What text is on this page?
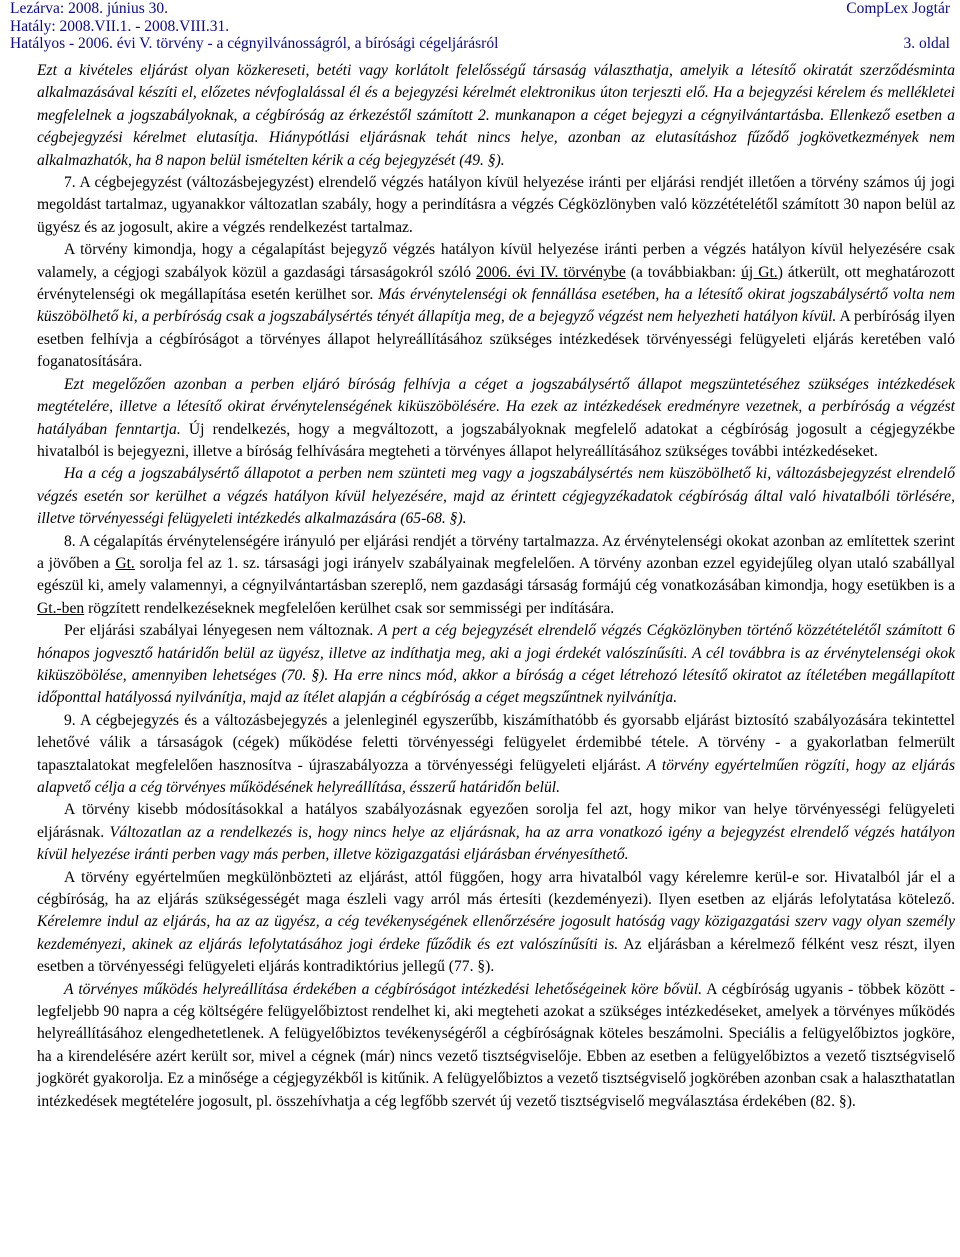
Lezárva: 2008. június 30.	CompLex Jogtár
Hatály: 2008.VII.1. - 2008.VIII.31.
Hatályos - 2006. évi V. törvény - a cégnyilvánosságról, a bírósági cégeljárásról	3. oldal

Ezt a kivételes eljárást olyan közkereseti, betéti vagy korlátolt felelősségű társaság választhatja, amelyik a létesítő okiratát szerződésminta alkalmazásával készíti el, előzetes névfoglalással él és a bejegyzési kérelmét elektronikus úton terjeszti elő. Ha a bejegyzési kérelem és mellékletei megfelelnek a jogszabályoknak, a cégbíróság az érkezéstől számított 2. munkanapon a céget bejegyzi a cégnyilvántartásba. Ellenkező esetben a cégbejegyzési kérelmet elutasítja. Hiánypótlási eljárásnak tehát nincs helye, azonban az elutasításhoz fűződő jogkövetkezmények nem alkalmazhatók, ha 8 napon belül ismételten kérik a cég bejegyzését (49. §).

7. A cégbejegyzést (változásbejegyzést) elrendelő végzés hatályon kívül helyezése iránti per eljárási rendjét illetően a törvény számos új jogi megoldást tartalmaz, ugyanakkor változatlan szabály, hogy a perindításra a végzés Cégközlönyben való közzétételétől számított 30 napon belül az ügyész és az jogosult, akire a végzés rendelkezést tartalmaz.

A törvény kimondja, hogy a cégalapítást bejegyző végzés hatályon kívül helyezése iránti perben a végzés hatályon kívül helyezésére csak valamely, a cégjogi szabályok közül a gazdasági társaságokról szóló 2006. évi IV. törvénybe (a továbbiakban: új Gt.) átkerült, ott meghatározott érvénytelenségi ok megállapítása esetén kerülhet sor. Más érvénytelenségi ok fennállása esetében, ha a létesítő okirat jogszabálysértő volta nem küszöbölhető ki, a perbíróság csak a jogszabálysértés tényét állapítja meg, de a bejegyző végzést nem helyezheti hatályon kívül. A perbíróság ilyen esetben felhívja a cégbíróságot a törvényes állapot helyreállításához szükséges intézkedések törvényességi felügyeleti eljárás keretében való foganatosítására.

Ezt megelőzően azonban a perben eljáró bíróság felhívja a céget a jogszabálysértő állapot megszüntetéséhez szükséges intézkedések megtételére, illetve a létesítő okirat érvénytelenségének kiküszöbölésére. Ha ezek az intézkedések eredményre vezetnek, a perbíróság a végzést hatályában fenntartja. Új rendelkezés, hogy a megváltozott, a jogszabályoknak megfelelő adatokat a cégbíróság jogosult a cégjegyzékbe hivatalból is bejegyezni, illetve a bíróság felhívására megteheti a törvényes állapot helyreállításához szükséges további intézkedéseket.

Ha a cég a jogszabálysértő állapotot a perben nem szünteti meg vagy a jogszabálysértés nem küszöbölhető ki, változásbejegyzést elrendelő végzés esetén sor kerülhet a végzés hatályon kívül helyezésére, majd az érintett cégjegyzékadatok cégbíróság által való hivatalbóli törlésére, illetve törvényességi felügyeleti intézkedés alkalmazására (65-68. §).

8. A cégalapítás érvénytelenségére irányuló per eljárási rendjét a törvény tartalmazza. Az érvénytelenségi okokat azonban az említettek szerint a jövőben a Gt. sorolja fel az 1. sz. társasági jogi irányelv szabályainak megfelelően. A törvény azonban ezzel egyidejűleg olyan utaló szabállyal egészül ki, amely valamennyi, a cégnyilvántartásban szereplő, nem gazdasági társaság formájú cég vonatkozásában kimondja, hogy esetükben is a Gt.-ben rögzített rendelkezéseknek megfelelően kerülhet csak sor semmisségi per indítására.

Per eljárási szabályai lényegesen nem változnak. A pert a cég bejegyzését elrendelő végzés Cégközlönyben történő közzétételétől számított 6 hónapos jogvesztő határidőn belül az ügyész, illetve az indíthatja meg, aki a jogi érdekét valószínűsíti. A cél továbbra is az érvénytelenségi okok kiküszöbölése, amennyiben lehetséges (70. §). Ha erre nincs mód, akkor a bíróság a céget létrehozó létesítő okiratot az ítéletében megállapított időponttal hatályossá nyilvánítja, majd az ítélet alapján a cégbíróság a céget megszűntnek nyilvánítja.

9. A cégbejegyzés és a változásbejegyzés a jelenleginél egyszerűbb, kiszámíthatóbb és gyorsabb eljárást biztosító szabályozására tekintettel lehetővé válik a társaságok (cégek) működése feletti törvényességi felügyelet érdemibbé tétele. A törvény - a gyakorlatban felmerült tapasztalatokat megfelelően hasznosítva - újraszabályozza a törvényességi felügyeleti eljárást. A törvény egyértelműen rögzíti, hogy az eljárás alapvető célja a cég törvényes működésének helyreállítása, ésszerű határidőn belül.

A törvény kisebb módosításokkal a hatályos szabályozásnak egyezően sorolja fel azt, hogy mikor van helye törvényességi felügyeleti eljárásnak. Változatlan az a rendelkezés is, hogy nincs helye az eljárásnak, ha az arra vonatkozó igény a bejegyzést elrendelő végzés hatályon kívül helyezése iránti perben vagy más perben, illetve közigazgatási eljárásban érvényesíthető.

A törvény egyértelműen megkülönbözteti az eljárást, attól függően, hogy arra hivatalból vagy kérelemre kerül-e sor. Hivatalból jár el a cégbíróság, ha az eljárás szükségességét maga észleli vagy arról más értesíti (kezdeményezi). Ilyen esetben az eljárás lefolytatása kötelező. Kérelemre indul az eljárás, ha az az ügyész, a cég tevékenységének ellenőrzésére jogosult hatóság vagy közigazgatási szerv vagy olyan személy kezdeményezi, akinek az eljárás lefolytatásához jogi érdeke fűződik és ezt valószínűsíti is. Az eljárásban a kérelmező félként vesz részt, ilyen esetben a törvényességi felügyeleti eljárás kontradiktórius jellegű (77. §).

A törvényes működés helyreállítása érdekében a cégbíróságot intézkedési lehetőségeinek köre bővül. A cégbíróság ugyanis - többek között - legfeljebb 90 napra a cég költségére felügyelőbiztost rendelhet ki, aki megteheti azokat a szükséges intézkedéseket, amelyek a törvényes működés helyreállításához elengedhetetlenek. A felügyelőbiztos tevékenységéről a cégbíróságnak köteles beszámolni. Speciális a felügyelőbiztos jogköre, ha a kirendelésére azért került sor, mivel a cégnek (már) nincs vezető tisztségviselője. Ebben az esetben a felügyelőbiztos a vezető tisztségviselő jogkörét gyakorolja. Ez a minősége a cégjegyzékből is kitűnik. A felügyelőbiztos a vezető tisztségviselő jogkörében azonban csak a halaszthatatlan intézkedések megtételére jogosult, pl. összehívhatja a cég legfőbb szervét új vezető tisztségviselő megválasztása érdekében (82. §).
